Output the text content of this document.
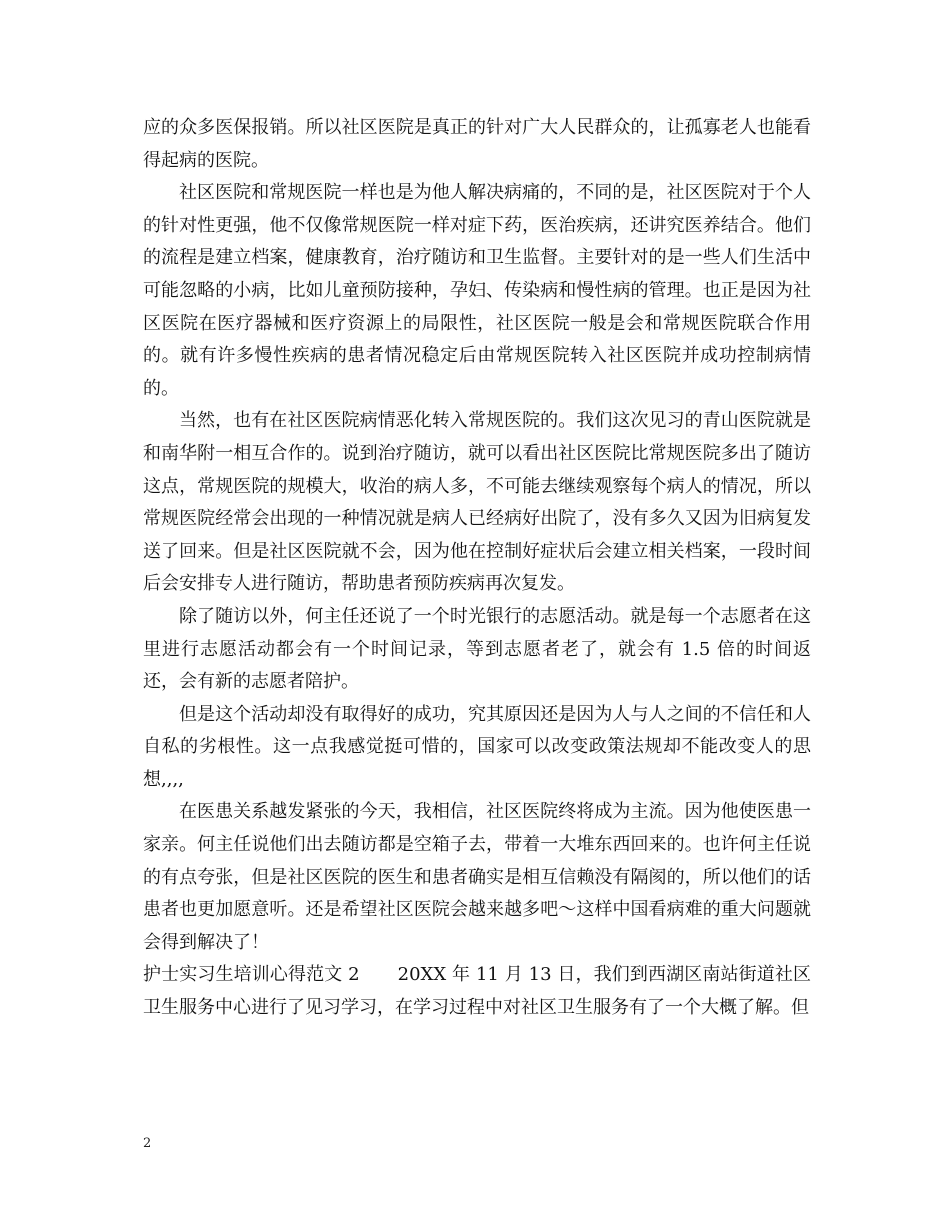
应的众多医保报销。所以社区医院是真正的针对广大人民群众的，让孤寡老人也能看得起病的医院。

社区医院和常规医院一样也是为他人解决病痛的，不同的是，社区医院对于个人的针对性更强，他不仅像常规医院一样对症下药，医治疾病，还讲究医养结合。他们的流程是建立档案，健康教育，治疗随访和卫生监督。主要针对的是一些人们生活中可能忽略的小病，比如儿童预防接种，孕妇、传染病和慢性病的管理。也正是因为社区医院在医疗器械和医疗资源上的局限性，社区医院一般是会和常规医院联合作用的。就有许多慢性疾病的患者情况稳定后由常规医院转入社区医院并成功控制病情的。

当然，也有在社区医院病情恶化转入常规医院的。我们这次见习的青山医院就是和南华附一相互合作的。说到治疗随访，就可以看出社区医院比常规医院多出了随访这点，常规医院的规模大，收治的病人多，不可能去继续观察每个病人的情况，所以常规医院经常会出现的一种情况就是病人已经病好出院了，没有多久又因为旧病复发送了回来。但是社区医院就不会，因为他在控制好症状后会建立相关档案，一段时间后会安排专人进行随访，帮助患者预防疾病再次复发。

除了随访以外，何主任还说了一个时光银行的志愿活动。就是每一个志愿者在这里进行志愿活动都会有一个时间记录，等到志愿者老了，就会有 1.5 倍的时间返还，会有新的志愿者陪护。

但是这个活动却没有取得好的成功，究其原因还是因为人与人之间的不信任和人自私的劣根性。这一点我感觉挺可惜的，国家可以改变政策法规却不能改变人的思想,,,,

在医患关系越发紧张的今天，我相信，社区医院终将成为主流。因为他使医患一家亲。何主任说他们出去随访都是空箱子去，带着一大堆东西回来的。也许何主任说的有点夸张，但是社区医院的医生和患者确实是相互信赖没有隔阂的，所以他们的话患者也更加愿意听。还是希望社区医院会越来越多吧～这样中国看病难的重大问题就会得到解决了！

护士实习生培训心得范文 2 20XX 年 11 月 13 日，我们到西湖区南站街道社区卫生服务中心进行了见习学习，在学习过程中对社区卫生服务有了一个大概了解。但

2
